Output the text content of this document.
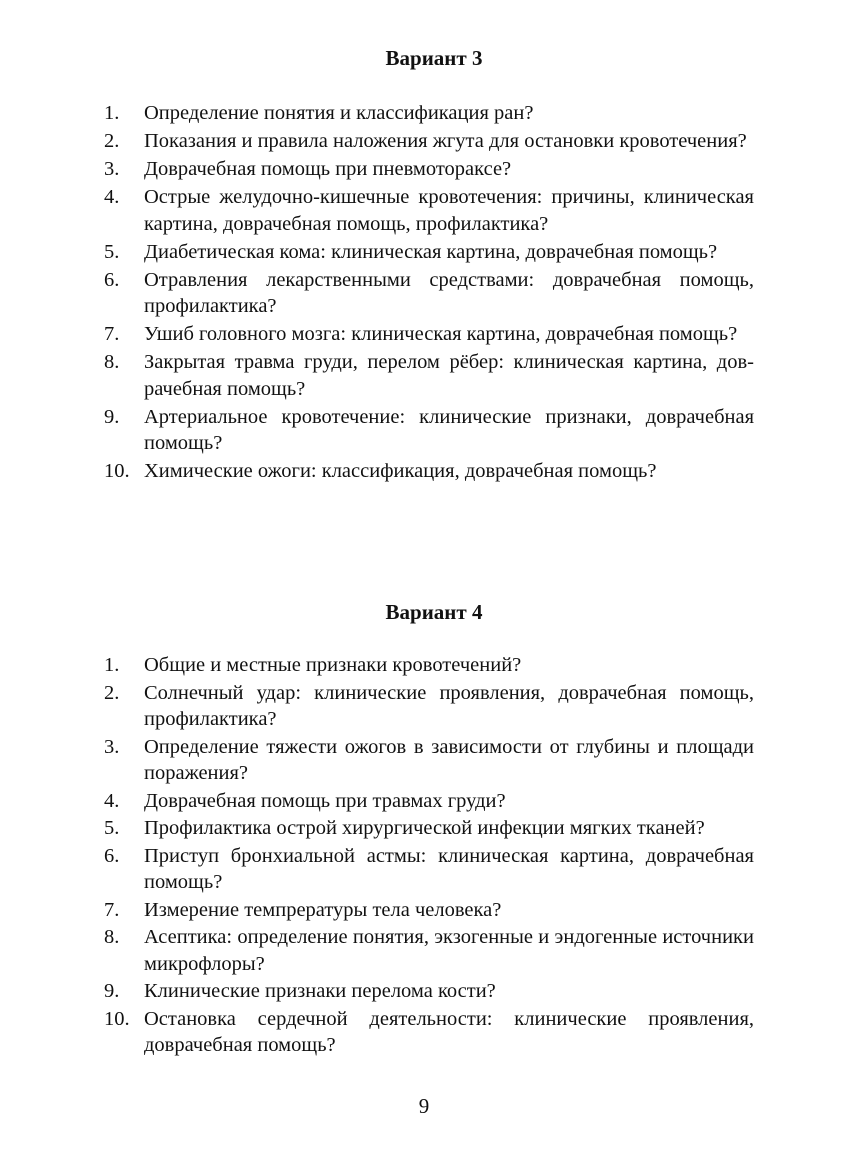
Вариант 3
1.	Определение понятия и классификация ран?
2.	Показания и правила наложения жгута для остановки кровотечения?
3.	Доврачебная помощь при пневмотораксе?
4.	Острые желудочно-кишечные кровотечения: причины, клиническая картина, доврачебная помощь, профилактика?
5.	Диабетическая кома: клиническая картина, доврачебная помощь?
6.	Отравления лекарственными средствами: доврачебная помощь, профилактика?
7.	Ушиб головного мозга: клиническая картина, доврачебная помощь?
8.	Закрытая травма груди, перелом рёбер: клиническая картина, доврачебная помощь?
9.	Артериальное кровотечение: клинические признаки, доврачебная помощь?
10. Химические ожоги: классификация, доврачебная помощь?
Вариант 4
1.	Общие и местные признаки кровотечений?
2.	Солнечный удар: клинические проявления, доврачебная помощь, профилактика?
3.	Определение тяжести ожогов в зависимости от глубины и площади поражения?
4.	Доврачебная помощь при травмах груди?
5.	Профилактика острой хирургической инфекции мягких тканей?
6.	Приступ бронхиальной астмы: клиническая картина, доврачебная помощь?
7.	Измерение темпрературы тела человека?
8.	Асептика: определение понятия, экзогенные и эндогенные источники микрофлоры?
9.	Клинические признаки перелома кости?
10. Остановка сердечной деятельности: клинические проявления, доврачебная помощь?
9
